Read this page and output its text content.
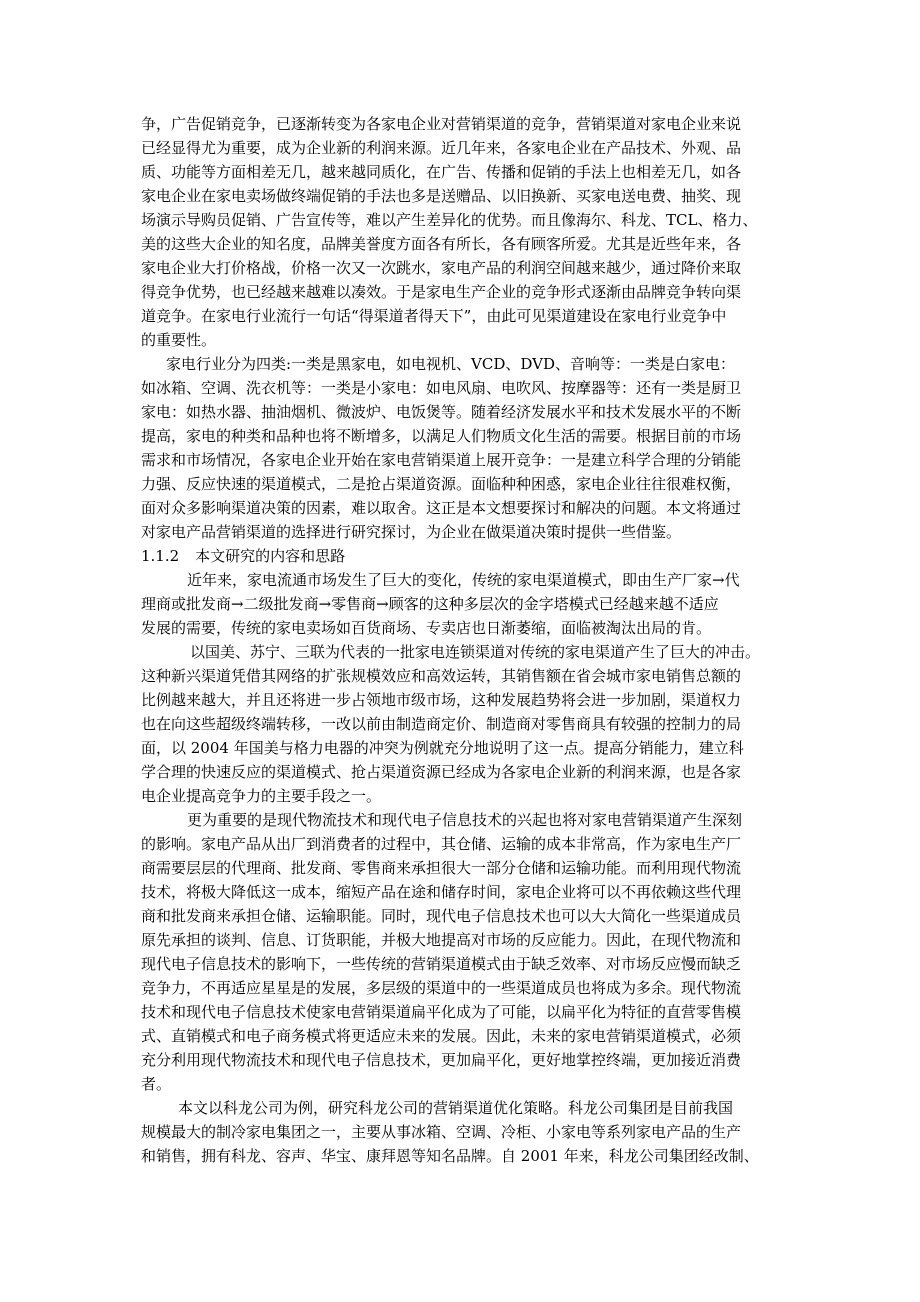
争，广告促销竞争，已逐渐转变为各家电企业对营销渠道的竞争，营销渠道对家电企业来说
已经显得尤为重要，成为企业新的利润来源。近几年来，各家电企业在产品技术、外观、品
质、功能等方面相差无几，越来越同质化，在广告、传播和促销的手法上也相差无几，如各
家电企业在家电卖场做终端促销的手法也多是送赠品、以旧换新、买家电送电费、抽奖、现
场演示导购员促销、广告宣传等，难以产生差异化的优势。而且像海尔、科龙、TCL、格力、
美的这些大企业的知名度，品牌美誉度方面各有所长，各有顾客所爱。尤其是近些年来，各
家电企业大打价格战，价格一次又一次跳水，家电产品的利润空间越来越少，通过降价来取
得竞争优势，也已经越来越难以凑效。于是家电生产企业的竞争形式逐渐由品牌竞争转向渠
道竞争。在家电行业流行一句话“得渠道者得天下”，由此可见渠道建设在家电行业竞争中
的重要性。
家电行业分为四类:一类是黑家电，如电视机、VCD、DVD、音响等：一类是白家电：
如冰箱、空调、洗衣机等：一类是小家电：如电风扇、电吹风、按摩器等：还有一类是厨卫
家电：如热水器、抽油烟机、微波炉、电饭煲等。随着经济发展水平和技术发展水平的不断
提高，家电的种类和品种也将不断增多，以满足人们物质文化生活的需要。根据目前的市场
需求和市场情况，各家电企业开始在家电营销渠道上展开竞争：一是建立科学合理的分销能
力强、反应快速的渠道模式，二是抢占渠道资源。面临种种困惑，家电企业往往很难权衡，
面对众多影响渠道决策的因素，难以取舍。这正是本文想要探讨和解决的问题。本文将通过
对家电产品营销渠道的选择进行研究探讨，为企业在做渠道决策时提供一些借鉴。
1.1.2 本文研究的内容和思路
近年来，家电流通市场发生了巨大的变化，传统的家电渠道模式，即由生产厂家→代
理商或批发商→二级批发商→零售商→顾客的这种多层次的金字塔模式已经越来越不适应
发展的需要，传统的家电卖场如百货商场、专卖店也日渐萎缩，面临被淘汰出局的肯。
以国美、苏宁、三联为代表的一批家电连锁渠道对传统的家电渠道产生了巨大的冲击。
这种新兴渠道凭借其网络的扩张规模效应和高效运转，其销售额在省会城市家电销售总额的
比例越来越大，并且还将进一步占领地市级市场，这种发展趋势将会进一步加剧，渠道权力
也在向这些超级终端转移，一改以前由制造商定价、制造商对零售商具有较强的控制力的局
面，以 2004 年国美与格力电器的冲突为例就充分地说明了这一点。提高分销能力，建立科
学合理的快速反应的渠道模式、抢占渠道资源已经成为各家电企业新的利润来源，也是各家
电企业提高竞争力的主要手段之一。
更为重要的是现代物流技术和现代电子信息技术的兴起也将对家电营销渠道产生深刻
的影响。家电产品从出厂到消费者的过程中，其仓储、运输的成本非常高，作为家电生产厂
商需要层层的代理商、批发商、零售商来承担很大一部分仓储和运输功能。而利用现代物流
技术，将极大降低这一成本，缩短产品在途和储存时间，家电企业将可以不再依赖这些代理
商和批发商来承担仓储、运输职能。同时，现代电子信息技术也可以大大简化一些渠道成员
原先承担的谈判、信息、订货职能，并极大地提高对市场的反应能力。因此，在现代物流和
现代电子信息技术的影响下，一些传统的营销渠道模式由于缺乏效率、对市场反应慢而缺乏
竞争力，不再适应星星是的发展，多层级的渠道中的一些渠道成员也将成为多余。现代物流
技术和现代电子信息技术使家电营销渠道扁平化成为了可能，以扁平化为特征的直营零售模
式、直销模式和电子商务模式将更适应未来的发展。因此，未来的家电营销渠道模式，必须
充分利用现代物流技术和现代电子信息技术，更加扁平化，更好地掌控终端，更加接近消费
者。
本文以科龙公司为例，研究科龙公司的营销渠道优化策略。科龙公司集团是目前我国
规模最大的制冷家电集团之一，主要从事冰箱、空调、冷柜、小家电等系列家电产品的生产
和销售，拥有科龙、容声、华宝、康拜恩等知名品牌。自 2001 年来，科龙公司集团经改制、
